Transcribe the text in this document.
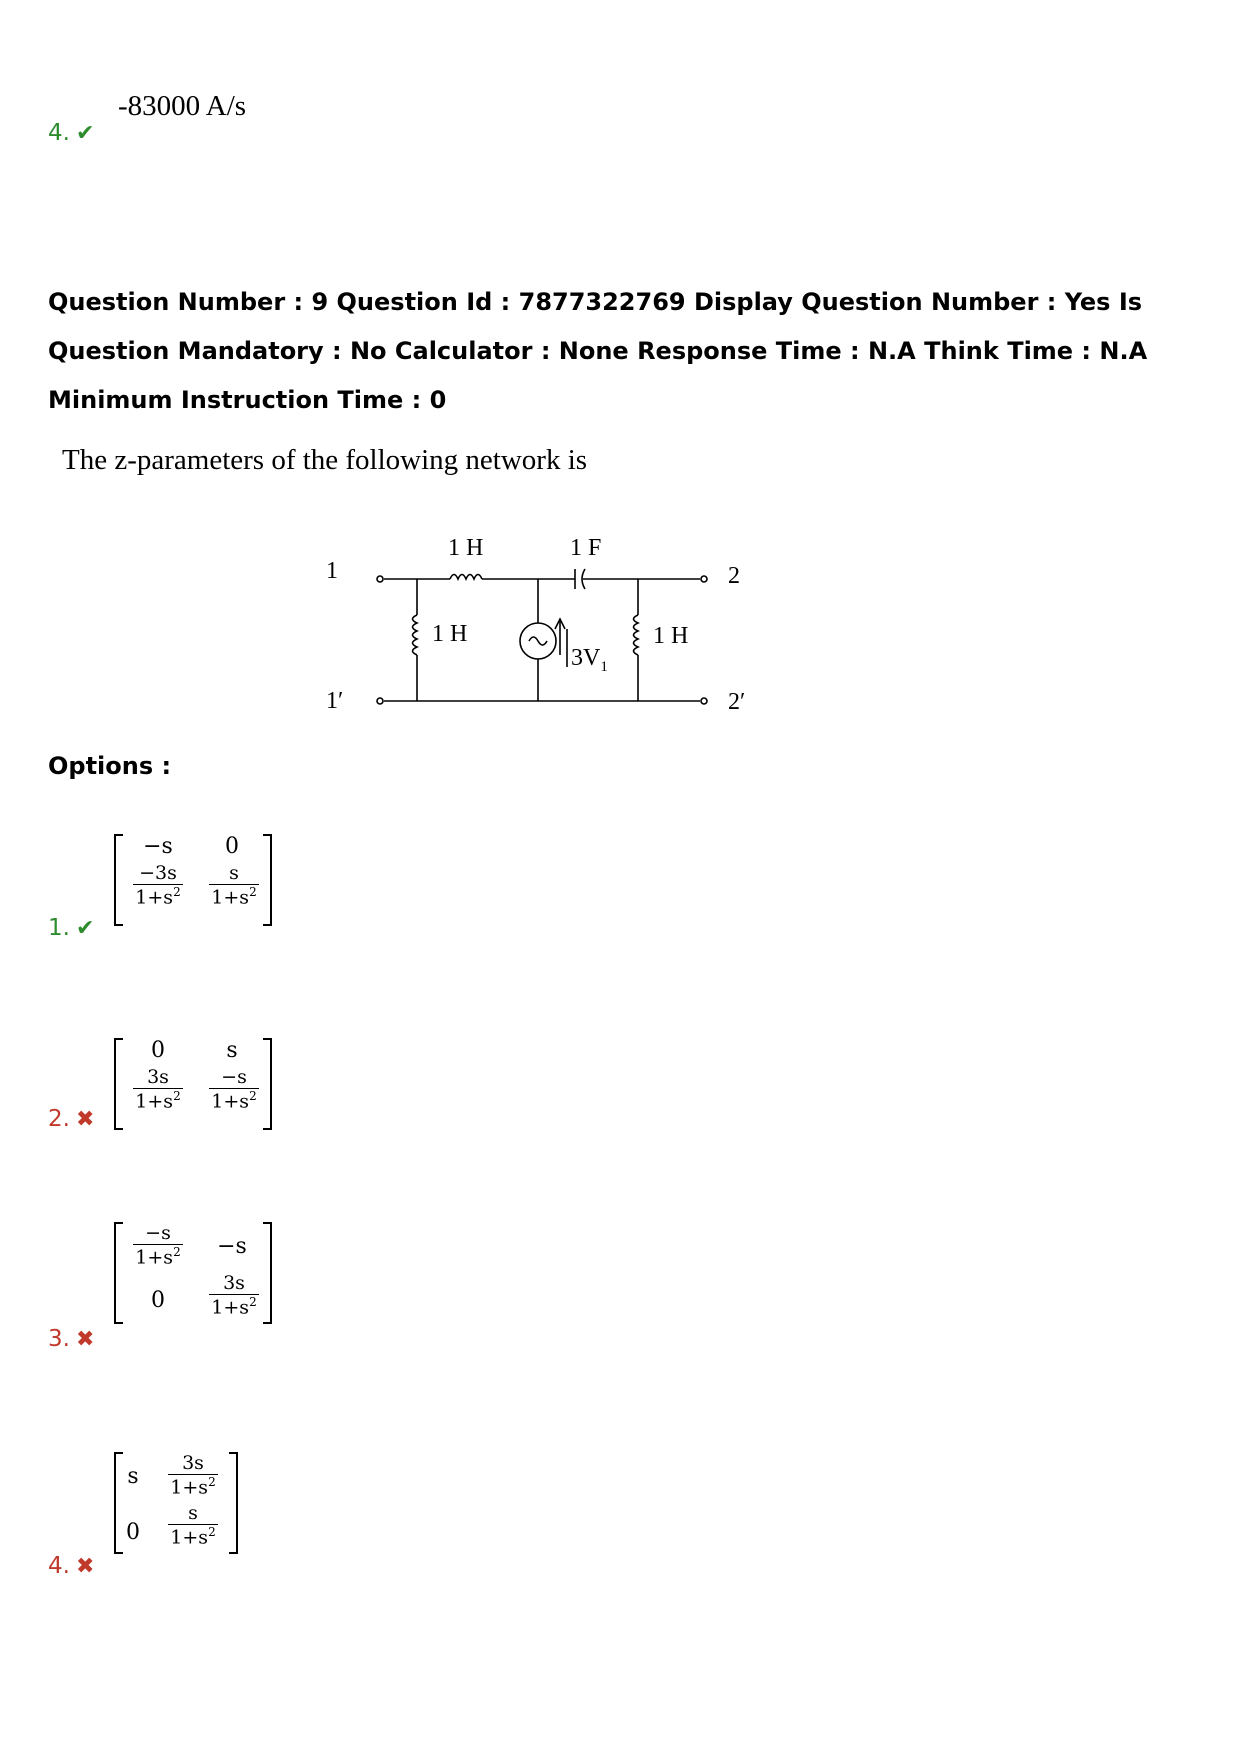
-83000 A/s
4. ✔
Question Number : 9 Question Id : 7877322769 Display Question Number : Yes Is Question Mandatory : No Calculator : None Response Time : N.A Think Time : N.A Minimum Instruction Time : 0
The z-parameters of the following network is
1
1′
2
2′
1 H	1 F
1 H	1 H
$3V_1$
Options :
−s	0
$\frac{-3s}{1+s^2} \frac{s}{1+s^2}$
1. ✔
0	s
$\frac{3s}{1+s^2} \frac{-s}{1+s^2}$
2. ✖
$\frac{-s}{1+s^2}$	−s
0	$\frac{3s}{1+s^2}$
3. ✖
s $\frac{3s}{1+s^2}$
$0 \frac{s}{1+s^2}$
4. ✖
